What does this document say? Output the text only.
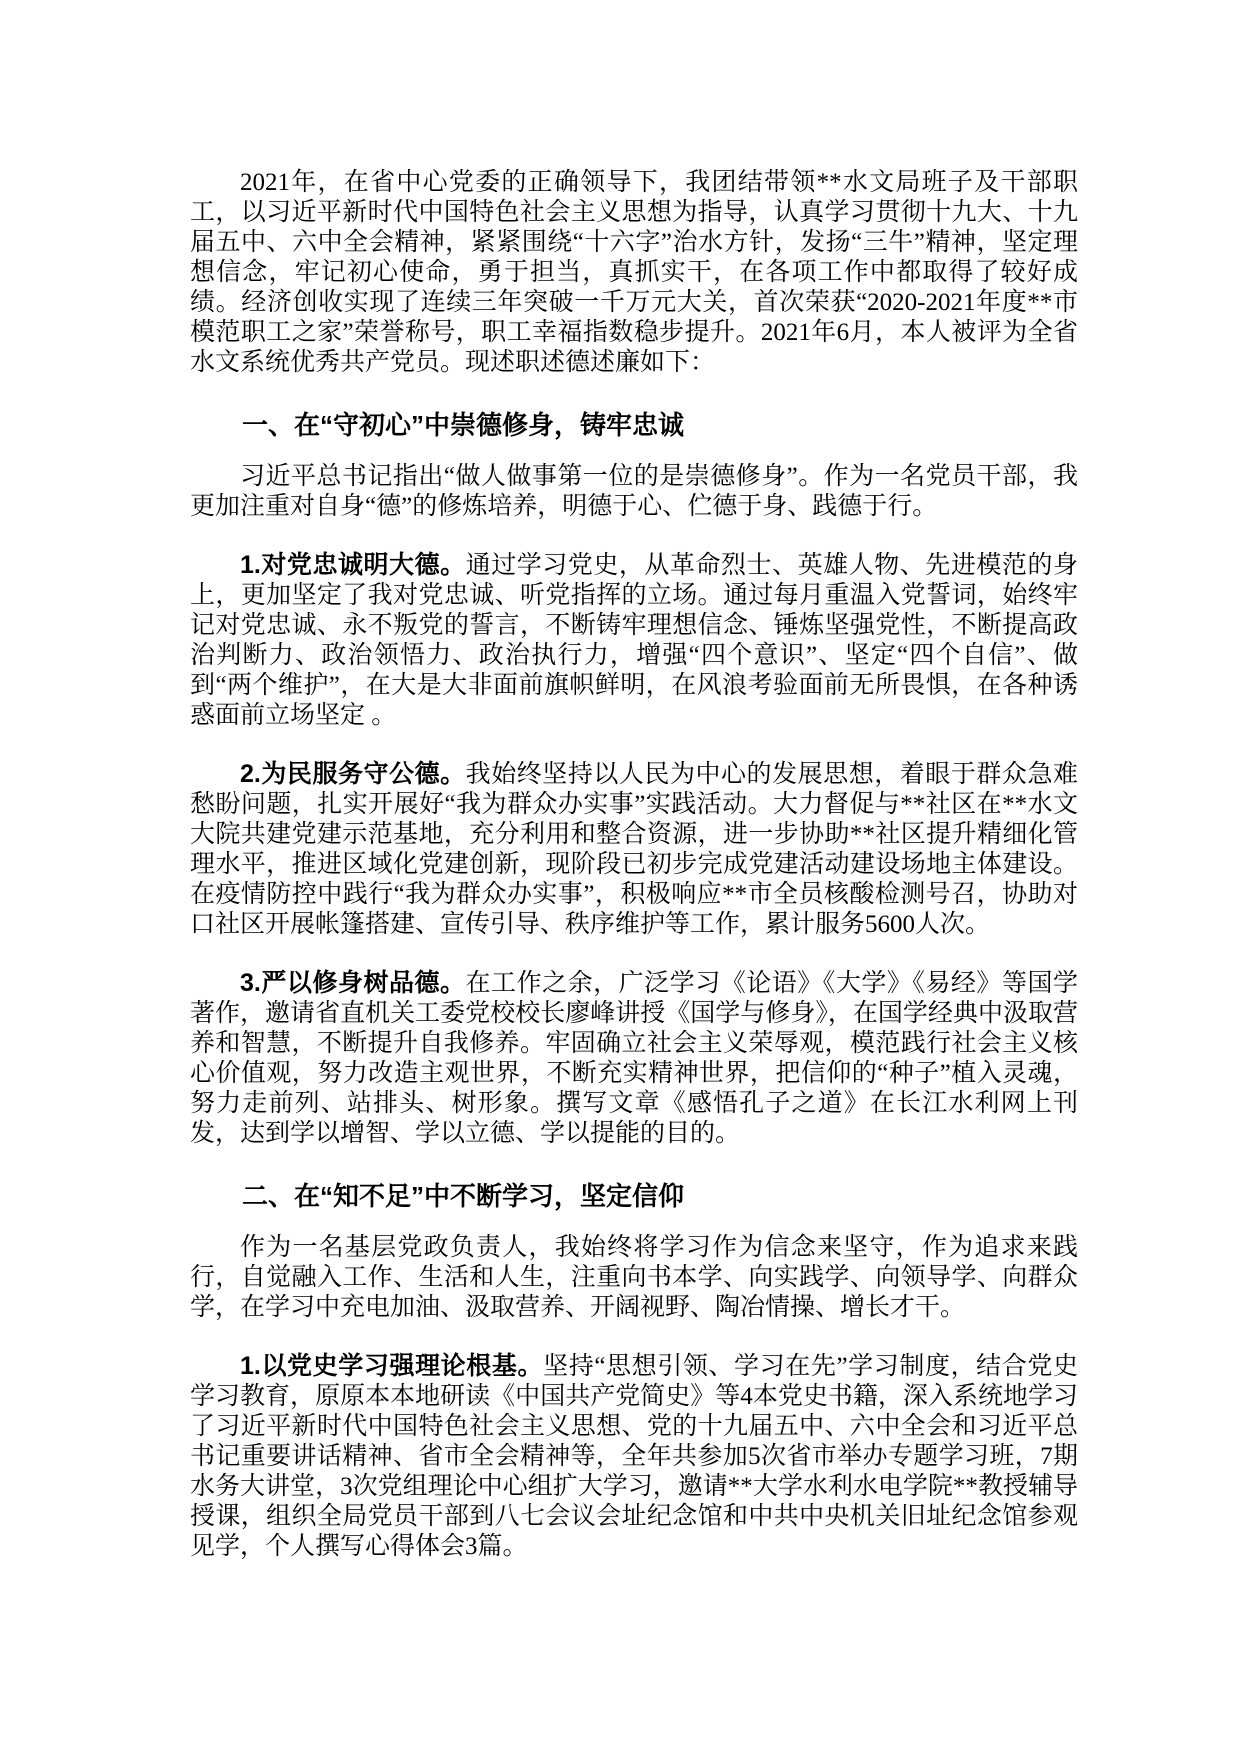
2021年，在省中心党委的正确领导下，我团结带领**水文局班子及干部职工，以习近平新时代中国特色社会主义思想为指导，认真学习贯彻十九大、十九届五中、六中全会精神，紧紧围绕“十六字”治水方针，发扬“三牛”精神，坚定理想信念，牢记初心使命，勇于担当，真抓实干，在各项工作中都取得了较好成绩。经济创收实现了连续三年突破一千万元大关，首次荣获“2020-2021年度**市模范职工之家”荣誉称号，职工幸福指数稳步提升。2021年6月，本人被评为全省水文系统优秀共产党员。现述职述德述廉如下：

一、在“守初心”中崇德修身，铸牢忠诚

习近平总书记指出“做人做事第一位的是崇德修身”。作为一名党员干部，我更加注重对自身“德”的修炼培养，明德于心、伫德于身、践德于行。

1.对党忠诚明大德。通过学习党史，从革命烈士、英雄人物、先进模范的身上，更加坚定了我对党忠诚、听党指挥的立场。通过每月重温入党誓词，始终牢记对党忠诚、永不叛党的誓言，不断铸牢理想信念、锤炼坚强党性，不断提高政治判断力、政治领悟力、政治执行力，增强“四个意识”、坚定“四个自信”、做到“两个维护”，在大是大非面前旗帜鲜明，在风浪考验面前无所畏惧，在各种诱惑面前立场坚定 。

2.为民服务守公德。我始终坚持以人民为中心的发展思想，着眼于群众急难愁盼问题，扎实开展好“我为群众办实事”实践活动。大力督促与**社区在**水文大院共建党建示范基地，充分利用和整合资源，进一步协助**社区提升精细化管理水平，推进区域化党建创新，现阶段已初步完成党建活动建设场地主体建设。在疫情防控中践行“我为群众办实事”，积极响应**市全员核酸检测号召，协助对口社区开展帐篷搭建、宣传引导、秩序维护等工作，累计服务5600人次。

3.严以修身树品德。在工作之余，广泛学习《论语》《大学》《易经》等国学著作，邀请省直机关工委党校校长廖峰讲授《国学与修身》，在国学经典中汲取营养和智慧，不断提升自我修养。牢固确立社会主义荣辱观，模范践行社会主义核心价值观，努力改造主观世界，不断充实精神世界，把信仰的“种子”植入灵魂，努力走前列、站排头、树形象。撰写文章《感悟孔子之道》在长江水利网上刊发，达到学以增智、学以立德、学以提能的目的。

二、在“知不足”中不断学习，坚定信仰

作为一名基层党政负责人，我始终将学习作为信念来坚守，作为追求来践行，自觉融入工作、生活和人生，注重向书本学、向实践学、向领导学、向群众学，在学习中充电加油、汲取营养、开阔视野、陶冶情操、增长才干。

1.以党史学习强理论根基。坚持“思想引领、学习在先”学习制度，结合党史学习教育，原原本本地研读《中国共产党简史》等4本党史书籍，深入系统地学习了习近平新时代中国特色社会主义思想、党的十九届五中、六中全会和习近平总书记重要讲话精神、省市全会精神等，全年共参加5次省市举办专题学习班，7期水务大讲堂，3次党组理论中心组扩大学习，邀请**大学水利水电学院**教授辅导授课，组织全局党员干部到八七会议会址纪念馆和中共中央机关旧址纪念馆参观见学，个人撰写心得体会3篇。
